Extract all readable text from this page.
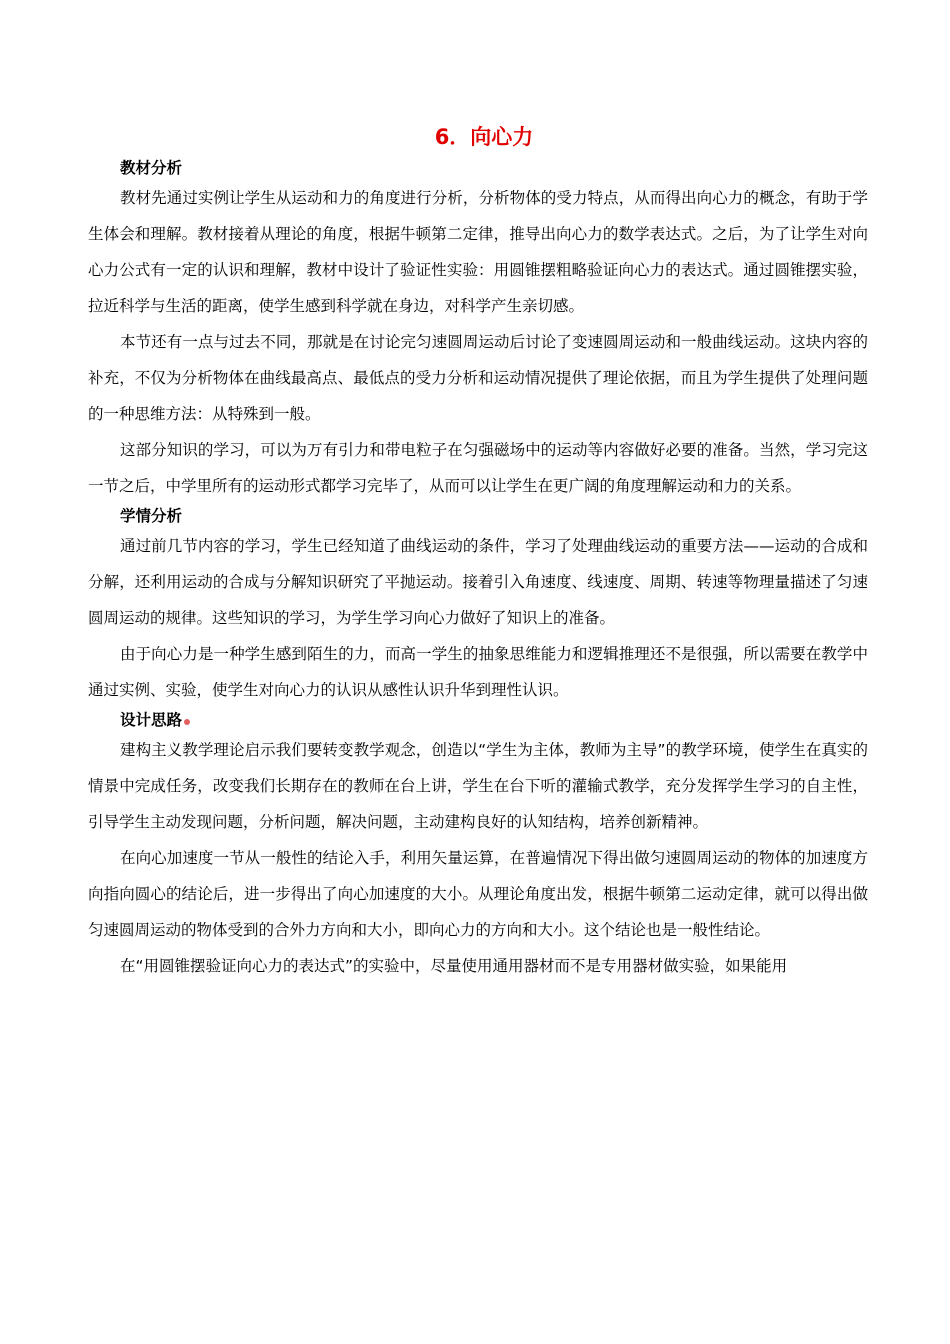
6．向心力
教材分析

教材先通过实例让学生从运动和力的角度进行分析，分析物体的受力特点，从而得出向心力的概念，有助于学生体会和理解。教材接着从理论的角度，根据牛顿第二定律，推导出向心力的数学表达式。之后，为了让学生对向心力公式有一定的认识和理解，教材中设计了验证性实验：用圆锥摆粗略验证向心力的表达式。通过圆锥摆实验，拉近科学与生活的距离，使学生感到科学就在身边，对科学产生亲切感。

本节还有一点与过去不同，那就是在讨论完匀速圆周运动后讨论了变速圆周运动和一般曲线运动。这块内容的补充，不仅为分析物体在曲线最高点、最低点的受力分析和运动情况提供了理论依据，而且为学生提供了处理问题的一种思维方法：从特殊到一般。

这部分知识的学习，可以为万有引力和带电粒子在匀强磁场中的运动等内容做好必要的准备。当然，学习完这一节之后，中学里所有的运动形式都学习完毕了，从而可以让学生在更广阔的角度理解运动和力的关系。

学情分析

通过前几节内容的学习，学生已经知道了曲线运动的条件，学习了处理曲线运动的重要方法——运动的合成和分解，还利用运动的合成与分解知识研究了平抛运动。接着引入角速度、线速度、周期、转速等物理量描述了匀速圆周运动的规律。这些知识的学习，为学生学习向心力做好了知识上的准备。

由于向心力是一种学生感到陌生的力，而高一学生的抽象思维能力和逻辑推理还不是很强，所以需要在教学中通过实例、实验，使学生对向心力的认识从感性认识升华到理性认识。

设计思路

建构主义教学理论启示我们要转变教学观念，创造以“学生为主体，教师为主导”的教学环境，使学生在真实的情景中完成任务，改变我们长期存在的教师在台上讲，学生在台下听的灌输式教学，充分发挥学生学习的自主性，引导学生主动发现问题，分析问题，解决问题，主动建构良好的认知结构，培养创新精神。

在向心加速度一节从一般性的结论入手，利用矢量运算，在普遍情况下得出做匀速圆周运动的物体的加速度方向指向圆心的结论后，进一步得出了向心加速度的大小。从理论角度出发，根据牛顿第二运动定律，就可以得出做匀速圆周运动的物体受到的合外力方向和大小，即向心力的方向和大小。这个结论也是一般性结论。

在“用圆锥摆验证向心力的表达式”的实验中，尽量使用通用器材而不是专用器材做实验，如果能用
